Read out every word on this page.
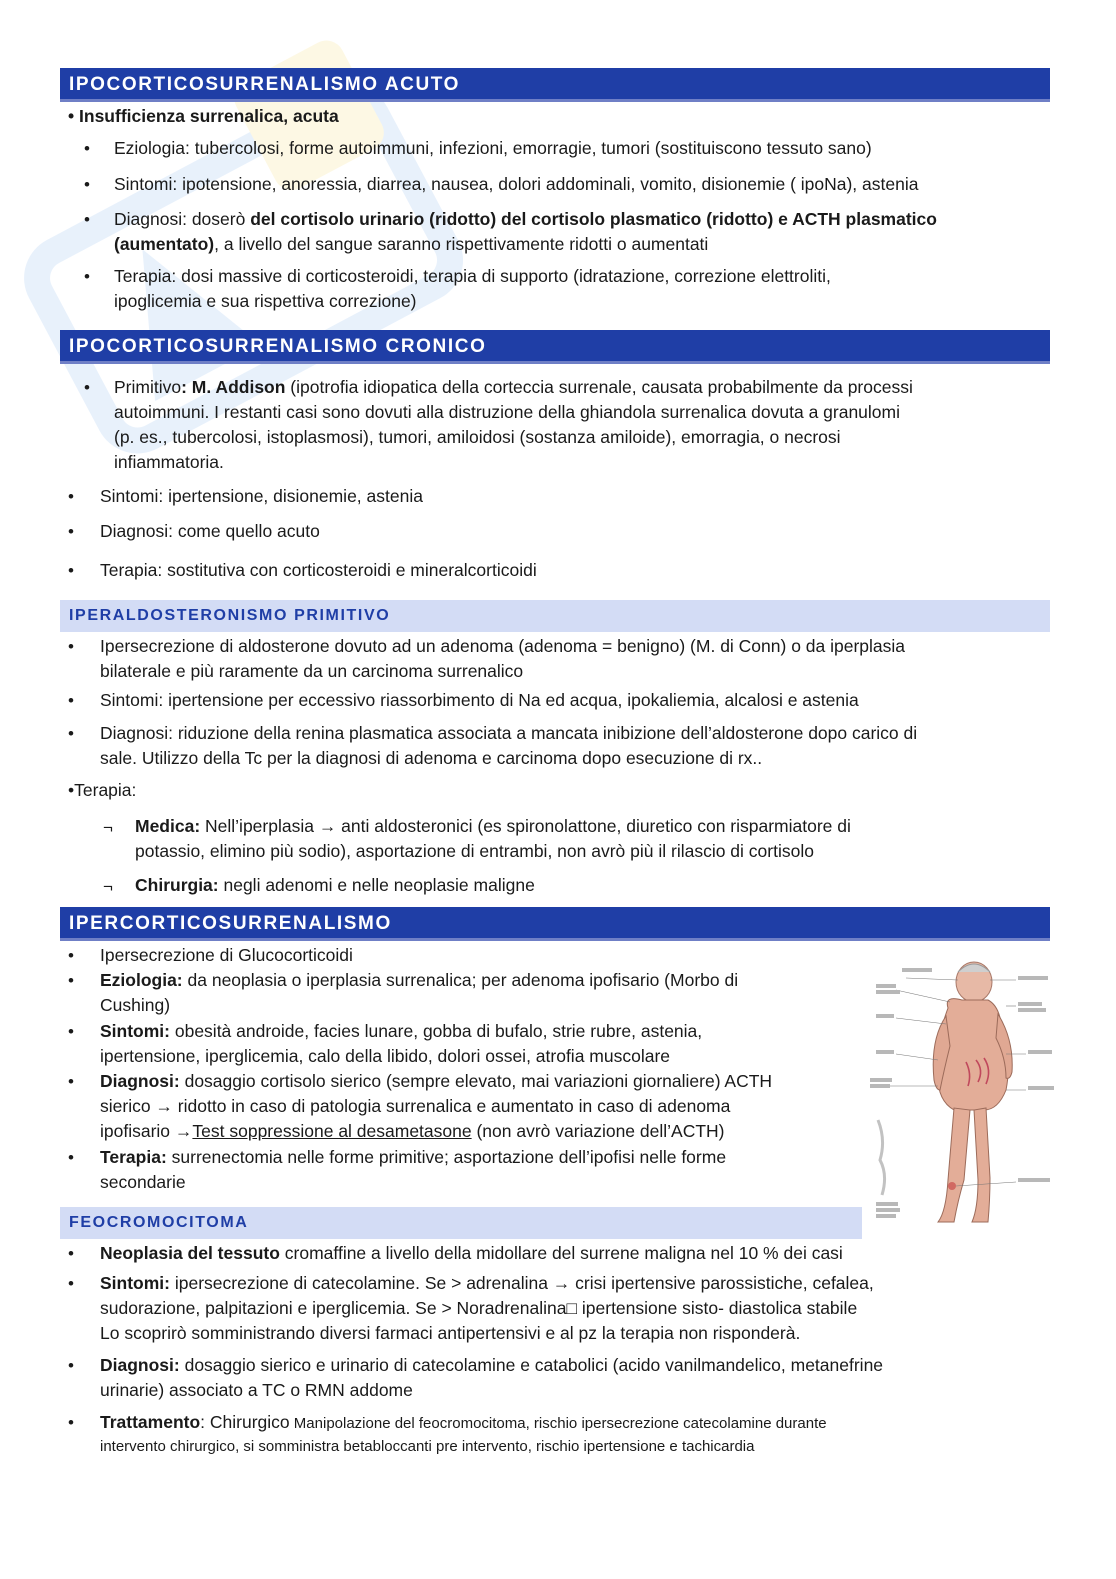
IPOCORTICOSURRENALISMO ACUTO
• Insufficienza surrenalica, acuta
• Eziologia: tubercolosi, forme autoimmuni, infezioni, emorragie, tumori (sostituiscono tessuto sano)
• Sintomi: ipotensione, anoressia, diarrea, nausea, dolori addominali, vomito, disionemie ( ipoNa), astenia
• Diagnosi: doserò del cortisolo urinario (ridotto) del cortisolo plasmatico (ridotto) e ACTH plasmatico
(aumentato), a livello del sangue saranno rispettivamente ridotti o aumentati
• Terapia: dosi massive di corticosteroidi, terapia di supporto (idratazione, correzione elettroliti,
ipoglicemia e sua rispettiva correzione)
IPOCORTICOSURRENALISMO CRONICO
• Primitivo: M. Addison (ipotrofia idiopatica della corteccia surrenale, causata probabilmente da processi
autoimmuni. I restanti casi sono dovuti alla distruzione della ghiandola surrenalica dovuta a granulomi
(p. es., tubercolosi, istoplasmosi), tumori, amiloidosi (sostanza amiloide), emorragia, o necrosi
infiammatoria.
• Sintomi: ipertensione, disionemie, astenia
• Diagnosi: come quello acuto
• Terapia: sostitutiva con corticosteroidi e mineralcorticoidi
IPERALDOSTERONISMO PRIMITIVO
• Ipersecrezione di aldosterone dovuto ad un adenoma (adenoma = benigno) (M. di Conn) o da iperplasia
bilaterale e più raramente da un carcinoma surrenalico
• Sintomi: ipertensione per eccessivo riassorbimento di Na ed acqua, ipokaliemia, alcalosi e astenia
• Diagnosi: riduzione della renina plasmatica associata a mancata inibizione dell’aldosterone dopo carico di
sale. Utilizzo della Tc per la diagnosi di adenoma e carcinoma dopo esecuzione di rx..
•Terapia:
¬ Medica: Nell’iperplasia → anti aldosteronici (es spironolattone, diuretico con risparmiatore di
potassio, elimino più sodio), asportazione di entrambi, non avrò più il rilascio di cortisolo
¬ Chirurgia: negli adenomi e nelle neoplasie maligne
IPERCORTICOSURRENALISMO
• Ipersecrezione di Glucocorticoidi
• Eziologia: da neoplasia o iperplasia surrenalica; per adenoma ipofisario (Morbo di
Cushing)
• Sintomi: obesità androide, facies lunare, gobba di bufalo, strie rubre, astenia,
ipertensione, iperglicemia, calo della libido, dolori ossei, atrofia muscolare
• Diagnosi: dosaggio cortisolo sierico (sempre elevato, mai variazioni giornaliere) ACTH
sierico → ridotto in caso di patologia surrenalica e aumentato in caso di adenoma
ipofisario →Test soppressione al desametasone (non avrò variazione dell’ACTH)
• Terapia: surrenectomia nelle forme primitive; asportazione dell’ipofisi nelle forme
secondarie
FEOCROMOCITOMA
• Neoplasia del tessuto cromaffine a livello della midollare del surrene maligna nel 10 % dei casi
• Sintomi: ipersecrezione di catecolamine. Se > adrenalina → crisi ipertensive parossistiche, cefalea,
sudorazione, palpitazioni e iperglicemia. Se > Noradrenalina□ ipertensione sisto- diastolica stabile
Lo scoprirò somministrando diversi farmaci antipertensivi e al pz la terapia non risponderà.
• Diagnosi: dosaggio sierico e urinario di catecolamine e catabolici (acido vanilmandelico, metanefrine
urinarie) associato a TC o RMN addome
• Trattamento: Chirurgico Manipolazione del feocromocitoma, rischio ipersecrezione catecolamine durante
intervento chirurgico, si somministra betabloccanti pre intervento, rischio ipertensione e tachicardia
